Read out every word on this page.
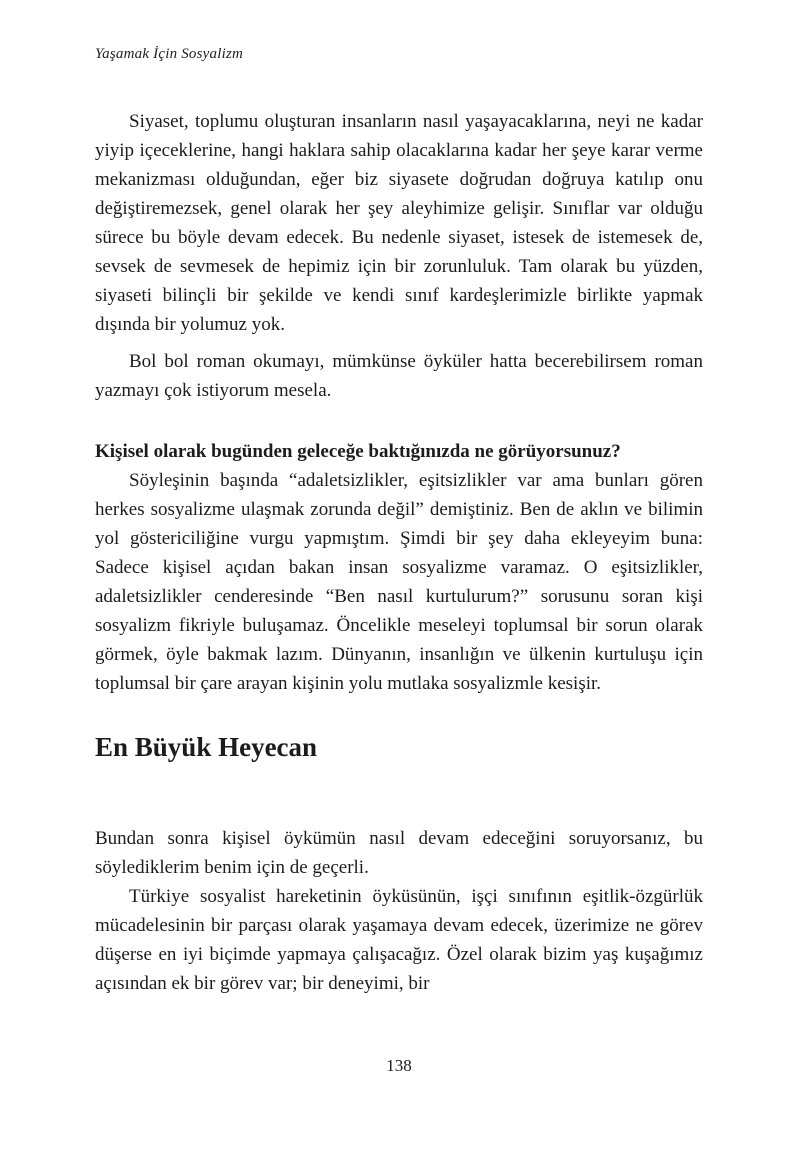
Yaşamak İçin Sosyalizm

Siyaset, toplumu oluşturan insanların nasıl yaşayacaklarına, neyi ne kadar yiyip içeceklerine, hangi haklara sahip olacaklarına kadar her şeye karar verme mekanizması olduğundan, eğer biz siyasete doğrudan doğruya katılıp onu değiştiremezsek, genel olarak her şey aleyhimize gelişir. Sınıflar var olduğu sürece bu böyle devam edecek. Bu nedenle siyaset, istesek de istemesek de, sevsek de sevmesek de hepimiz için bir zorunluluk. Tam olarak bu yüzden, siyaseti bilinçli bir şekilde ve kendi sınıf kardeşlerimizle birlikte yapmak dışında bir yolumuz yok.

Bol bol roman okumayı, mümkünse öyküler hatta becerebilirsem roman yazmayı çok istiyorum mesela.

Kişisel olarak bugünden geleceğe baktığınızda ne görüyorsunuz?

Söyleşinin başında “adaletsizlikler, eşitsizlikler var ama bunları gören herkes sosyalizme ulaşmak zorunda değil” demiştiniz. Ben de aklın ve bilimin yol göstericiliğine vurgu yapmıştım. Şimdi bir şey daha ekleyeyim buna: Sadece kişisel açıdan bakan insan sosyalizme varamaz. O eşitsizlikler, adaletsizlikler cenderesinde “Ben nasıl kurtulurum?” sorusunu soran kişi sosyalizm fikriyle buluşamaz. Öncelikle meseleyi toplumsal bir sorun olarak görmek, öyle bakmak lazım. Dünyanın, insanlığın ve ülkenin kurtuluşu için toplumsal bir çare arayan kişinin yolu mutlaka sosyalizmle kesişir.

En Büyük Heyecan

Bundan sonra kişisel öykümün nasıl devam edeceğini soruyorsanız, bu söylediklerim benim için de geçerli.

Türkiye sosyalist hareketinin öyküsünün, işçi sınıfının eşitlik-özgürlük mücadelesinin bir parçası olarak yaşamaya devam edecek, üzerimize ne görev düşerse en iyi biçimde yapmaya çalışacağız. Özel olarak bizim yaş kuşağımız açısından ek bir görev var; bir deneyimi, bir

138
